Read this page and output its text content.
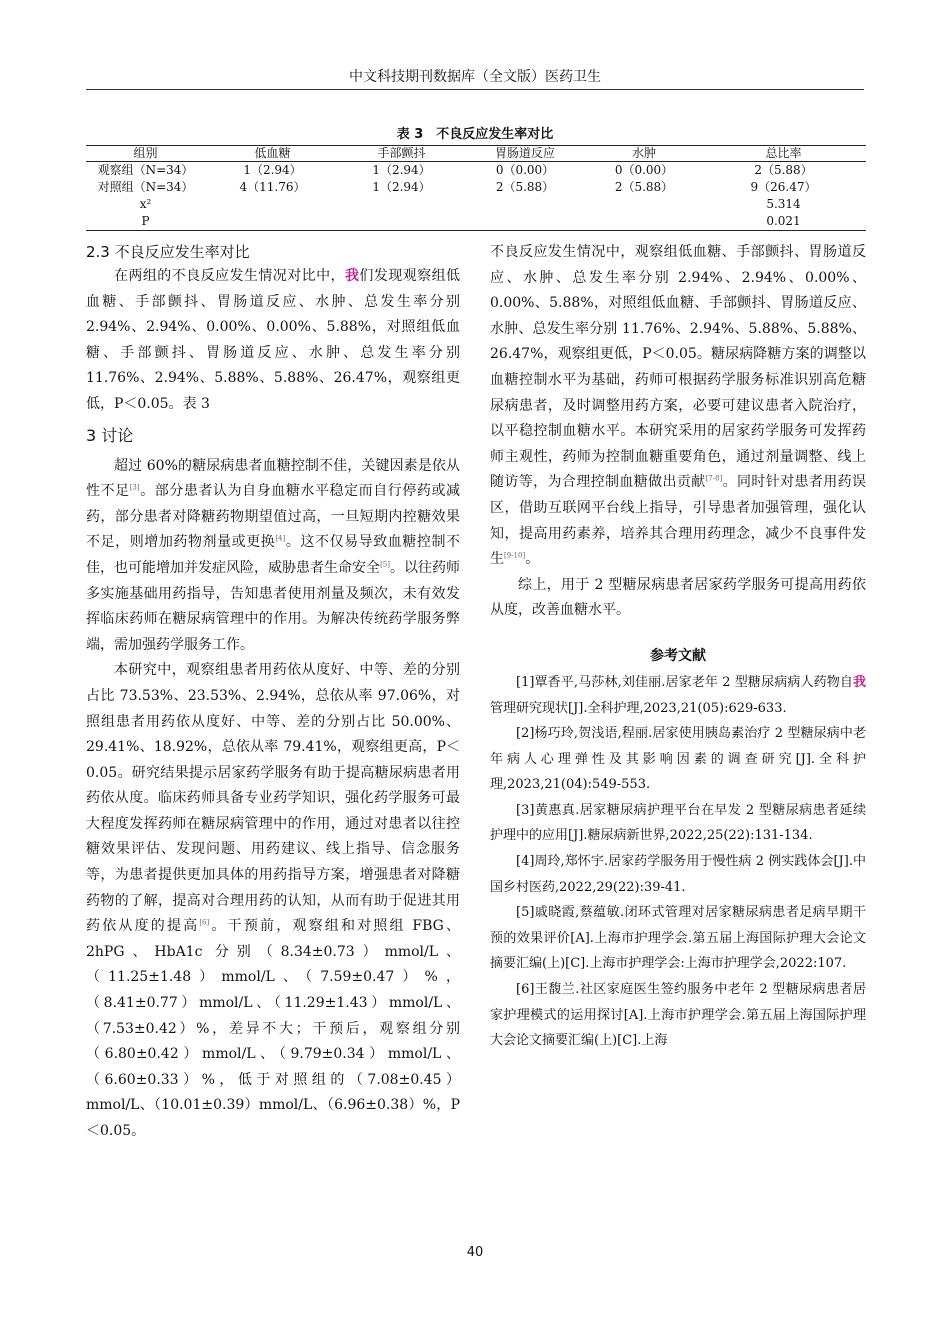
中文科技期刊数据库（全文版）医药卫生
表 3　不良反应发生率对比
组别	低血糖	手部颤抖	胃肠道反应	水肿	总比率
观察组（N=34）	1（2.94）	1（2.94）	0（0.00）	0（0.00）	2（5.88）
对照组（N=34）	4（11.76）	1（2.94）	2（5.88）	2（5.88）	9（26.47）
x²					5.314
P					0.021
2.3 不良反应发生率对比

在两组的不良反应发生情况对比中，我们发现观察组低血糖、手部颤抖、胃肠道反应、水肿、总发生率分别 2.94%、2.94%、0.00%、0.00%、5.88%，对照组低血糖、手部颤抖、胃肠道反应、水肿、总发生率分别 11.76%、2.94%、5.88%、5.88%、26.47%，观察组更低，P＜0.05。表 3

3 讨论

超过 60%的糖尿病患者血糖控制不佳，关键因素是依从性不足[3]。部分患者认为自身血糖水平稳定而自行停药或减药，部分患者对降糖药物期望值过高，一旦短期内控糖效果不足，则增加药物剂量或更换[4]。这不仅易导致血糖控制不佳，也可能增加并发症风险，威胁患者生命安全[5]。以往药师多实施基础用药指导，告知患者使用剂量及频次，未有效发挥临床药师在糖尿病管理中的作用。为解决传统药学服务弊端，需加强药学服务工作。

本研究中，观察组患者用药依从度好、中等、差的分别占比 73.53%、23.53%、2.94%，总依从率 97.06%，对照组患者用药依从度好、中等、差的分别占比 50.00%、29.41%、18.92%，总依从率 79.41%，观察组更高，P＜0.05。研究结果提示居家药学服务有助于提高糖尿病患者用药依从度。临床药师具备专业药学知识，强化药学服务可最大程度发挥药师在糖尿病管理中的作用，通过对患者以往控糖效果评估、发现问题、用药建议、线上指导、信念服务等，为患者提供更加具体的用药指导方案，增强患者对降糖药物的了解，提高对合理用药的认知，从而有助于促进其用药依从度的提高[6]。干预前，观察组和对照组 FBG、2hPG、HbA1c 分别（8.34±0.73）mmol/L、（11.25±1.48）mmol/L、（7.59±0.47）%，（8.41±0.77）mmol/L、（11.29±1.43）mmol/L、（7.53±0.42）%，差异不大；干预后，观察组分别（6.80±0.42）mmol/L、（9.79±0.34）mmol/L、（6.60±0.33）%，低于对照组的（7.08±0.45）mmol/L、（10.01±0.39）mmol/L、（6.96±0.38）%，P＜0.05。

不良反应发生情况中，观察组低血糖、手部颤抖、胃肠道反应、水肿、总发生率分别 2.94%、2.94%、0.00%、0.00%、5.88%，对照组低血糖、手部颤抖、胃肠道反应、水肿、总发生率分别 11.76%、2.94%、5.88%、5.88%、26.47%，观察组更低，P＜0.05。糖尿病降糖方案的调整以血糖控制水平为基础，药师可根据药学服务标准识别高危糖尿病患者，及时调整用药方案，必要可建议患者入院治疗，以平稳控制血糖水平。本研究采用的居家药学服务可发挥药师主观性，药师为控制血糖重要角色，通过剂量调整、线上随访等，为合理控制血糖做出贡献[7-8]。同时针对患者用药误区，借助互联网平台线上指导，引导患者加强管理，强化认知，提高用药素养，培养其合理用药理念，减少不良事件发生[9-10]。

综上，用于 2 型糖尿病患者居家药学服务可提高用药依从度，改善血糖水平。

参考文献

[1]覃香平,马莎林,刘佳丽.居家老年 2 型糖尿病病人药物自我管理研究现状[J].全科护理,2023,21(05):629-633.

[2]杨巧玲,贺浅语,程丽.居家使用胰岛素治疗 2 型糖尿病中老年病人心理弹性及其影响因素的调查研究[J].全科护理,2023,21(04):549-553.

[3]黄惠真.居家糖尿病护理平台在早发 2 型糖尿病患者延续护理中的应用[J].糖尿病新世界,2022,25(22):131-134.

[4]周玲,郑怀宇.居家药学服务用于慢性病 2 例实践体会[J].中国乡村医药,2022,29(22):39-41.

[5]戚晓霞,蔡蕴敏.闭环式管理对居家糖尿病患者足病早期干预的效果评价[A].上海市护理学会.第五届上海国际护理大会论文摘要汇编(上)[C].上海市护理学会:上海市护理学会,2022:107.

[6]王馥兰.社区家庭医生签约服务中老年 2 型糖尿病患者居家护理模式的运用探讨[A].上海市护理学会.第五届上海国际护理大会论文摘要汇编(上)[C].上海

40
